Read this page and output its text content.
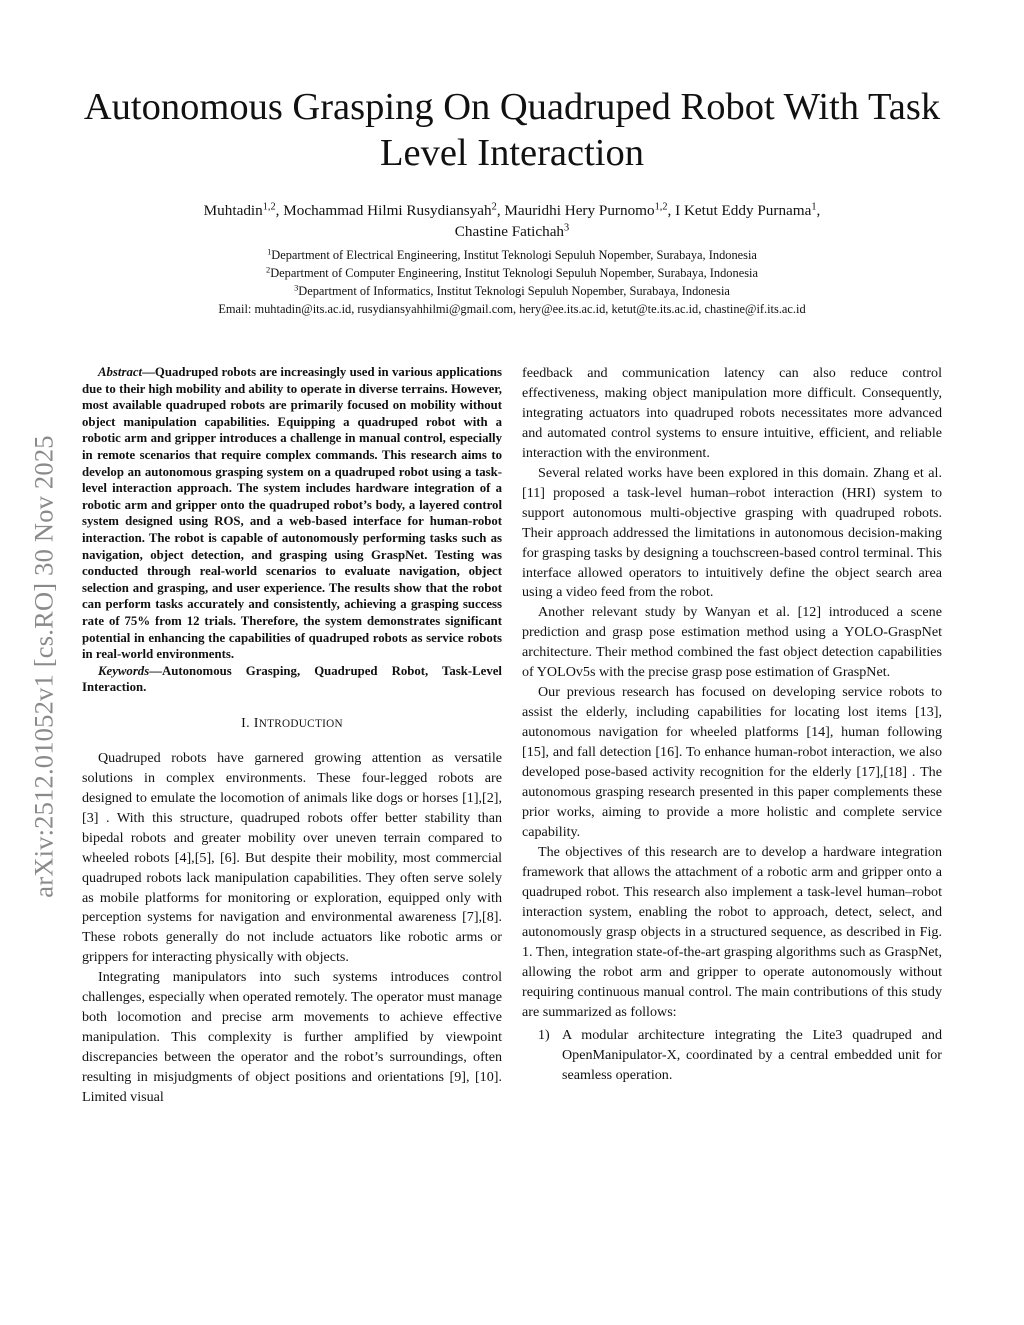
arXiv:2512.01052v1 [cs.RO] 30 Nov 2025
Autonomous Grasping On Quadruped Robot With Task Level Interaction
Muhtadin$^{1,2}$, Mochammad Hilmi Rusydiansyah$^2$, Mauridhi Hery Purnomo$^{1,2}$, I Ketut Eddy Purnama$^1$,
Chastine Fatichah$^3$
$^1$Department of Electrical Engineering, Institut Teknologi Sepuluh Nopember, Surabaya, Indonesia
$^2$Department of Computer Engineering, Institut Teknologi Sepuluh Nopember, Surabaya, Indonesia
$^3$Department of Informatics, Institut Teknologi Sepuluh Nopember, Surabaya, Indonesia
Email: muhtadin@its.ac.id, rusydiansyahhilmi@gmail.com, hery@ee.its.ac.id, ketut@te.its.ac.id, chastine@if.its.ac.id

Abstract—Quadruped robots are increasingly used in various applications due to their high mobility and ability to operate in diverse terrains. However, most available quadruped robots are primarily focused on mobility without object manipulation capabilities. Equipping a quadruped robot with a robotic arm and gripper introduces a challenge in manual control, especially in remote scenarios that require complex commands. This research aims to develop an autonomous grasping system on a quadruped robot using a task-level interaction approach. The system includes hardware integration of a robotic arm and gripper onto the quadruped robot’s body, a layered control system designed using ROS, and a web-based interface for human-robot interaction. The robot is capable of autonomously performing tasks such as navigation, object detection, and grasping using GraspNet. Testing was conducted through real-world scenarios to evaluate navigation, object selection and grasping, and user experience. The results show that the robot can perform tasks accurately and consistently, achieving a grasping success rate of 75% from 12 trials. Therefore, the system demonstrates significant potential in enhancing the capabilities of quadruped robots as service robots in real-world environments.

Keywords—Autonomous Grasping, Quadruped Robot, Task-Level Interaction.

I. INTRODUCTION

Quadruped robots have garnered growing attention as versatile solutions in complex environments. These four-legged robots are designed to emulate the locomotion of animals like dogs or horses [1],[2],[3] . With this structure, quadruped robots offer better stability than bipedal robots and greater mobility over uneven terrain compared to wheeled robots [4],[5], [6]. But despite their mobility, most commercial quadruped robots lack manipulation capabilities. They often serve solely as mobile platforms for monitoring or exploration, equipped only with perception systems for navigation and environmental awareness [7],[8]. These robots generally do not include actuators like robotic arms or grippers for interacting physically with objects.

Integrating manipulators into such systems introduces control challenges, especially when operated remotely. The operator must manage both locomotion and precise arm movements to achieve effective manipulation. This complexity is further amplified by viewpoint discrepancies between the operator and the robot’s surroundings, often resulting in misjudgments of object positions and orientations [9], [10]. Limited visual

feedback and communication latency can also reduce control effectiveness, making object manipulation more difficult. Consequently, integrating actuators into quadruped robots necessitates more advanced and automated control systems to ensure intuitive, efficient, and reliable interaction with the environment.

Several related works have been explored in this domain. Zhang et al. [11] proposed a task-level human–robot interaction (HRI) system to support autonomous multi-objective grasping with quadruped robots. Their approach addressed the limitations in autonomous decision-making for grasping tasks by designing a touchscreen-based control terminal. This interface allowed operators to intuitively define the object search area using a video feed from the robot.

Another relevant study by Wanyan et al. [12] introduced a scene prediction and grasp pose estimation method using a YOLO-GraspNet architecture. Their method combined the fast object detection capabilities of YOLOv5s with the precise grasp pose estimation of GraspNet.

Our previous research has focused on developing service robots to assist the elderly, including capabilities for locating lost items [13], autonomous navigation for wheeled platforms [14], human following [15], and fall detection [16]. To enhance human-robot interaction, we also developed pose-based activity recognition for the elderly [17],[18] . The autonomous grasping research presented in this paper complements these prior works, aiming to provide a more holistic and complete service capability.

The objectives of this research are to develop a hardware integration framework that allows the attachment of a robotic arm and gripper onto a quadruped robot. This research also implement a task-level human–robot interaction system, enabling the robot to approach, detect, select, and autonomously grasp objects in a structured sequence, as described in Fig. 1. Then, integration state-of-the-art grasping algorithms such as GraspNet, allowing the robot arm and gripper to operate autonomously without requiring continuous manual control. The main contributions of this study are summarized as follows:

1) A modular architecture integrating the Lite3 quadruped and OpenManipulator-X, coordinated by a central embedded unit for seamless operation.
